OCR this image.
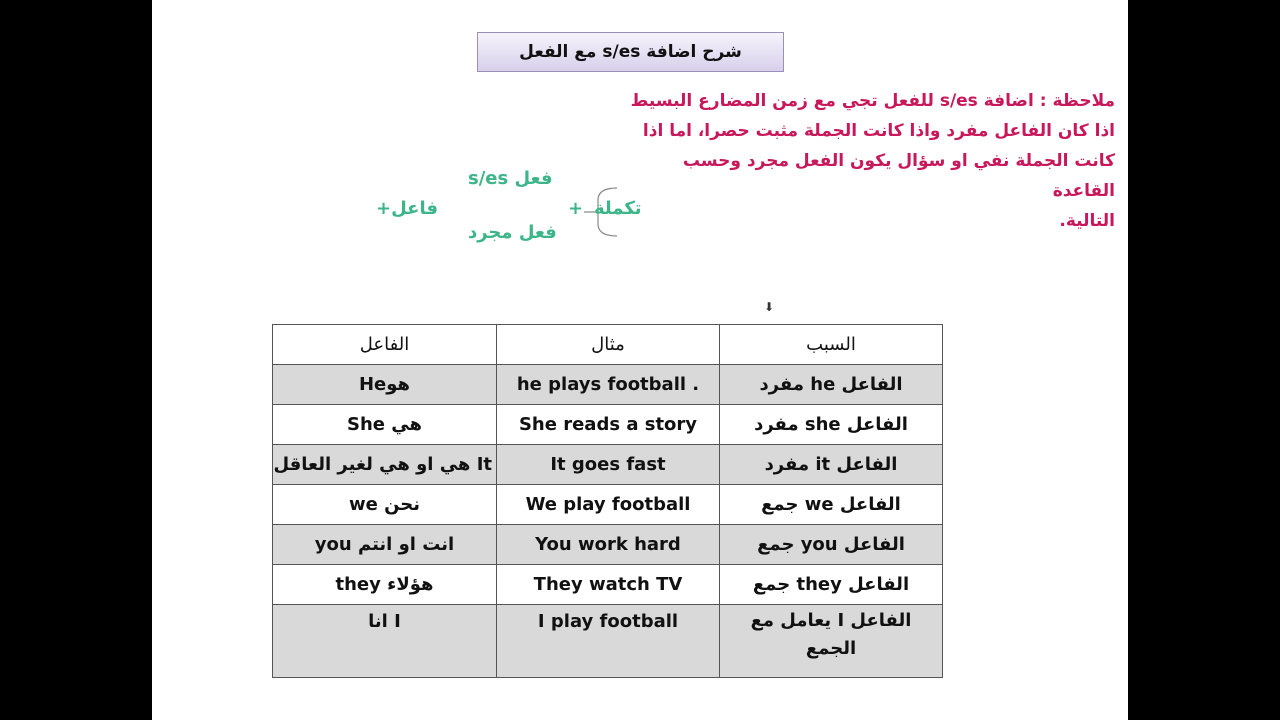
شرح اضافة s/es مع الفعل
ملاحظة : اضافة s/es للفعل تجي مع زمن المضارع البسيط
اذا كان الفاعل مفرد واذا كانت الجملة مثبت حصرا، اما اذا
كانت الجملة نفي او سؤال يكون الفعل مجرد وحسب القاعدة
التالية.
فاعل+
فعل s/es
فعل مجرد
+ تكملة
⬇
السبب	مثال	الفاعل
الفاعل he مفرد	he plays football .	هوHe
الفاعل she مفرد	She reads a story	هي She
الفاعل it مفرد	It goes fast	It هي او هي لغير العاقل
الفاعل we جمع	We play football	نحن we
الفاعل you جمع	You work hard	انت او انتم you
الفاعل they جمع	They watch TV	هؤلاء they
الفاعل I يعامل مع الجمع	I play football	I انا
